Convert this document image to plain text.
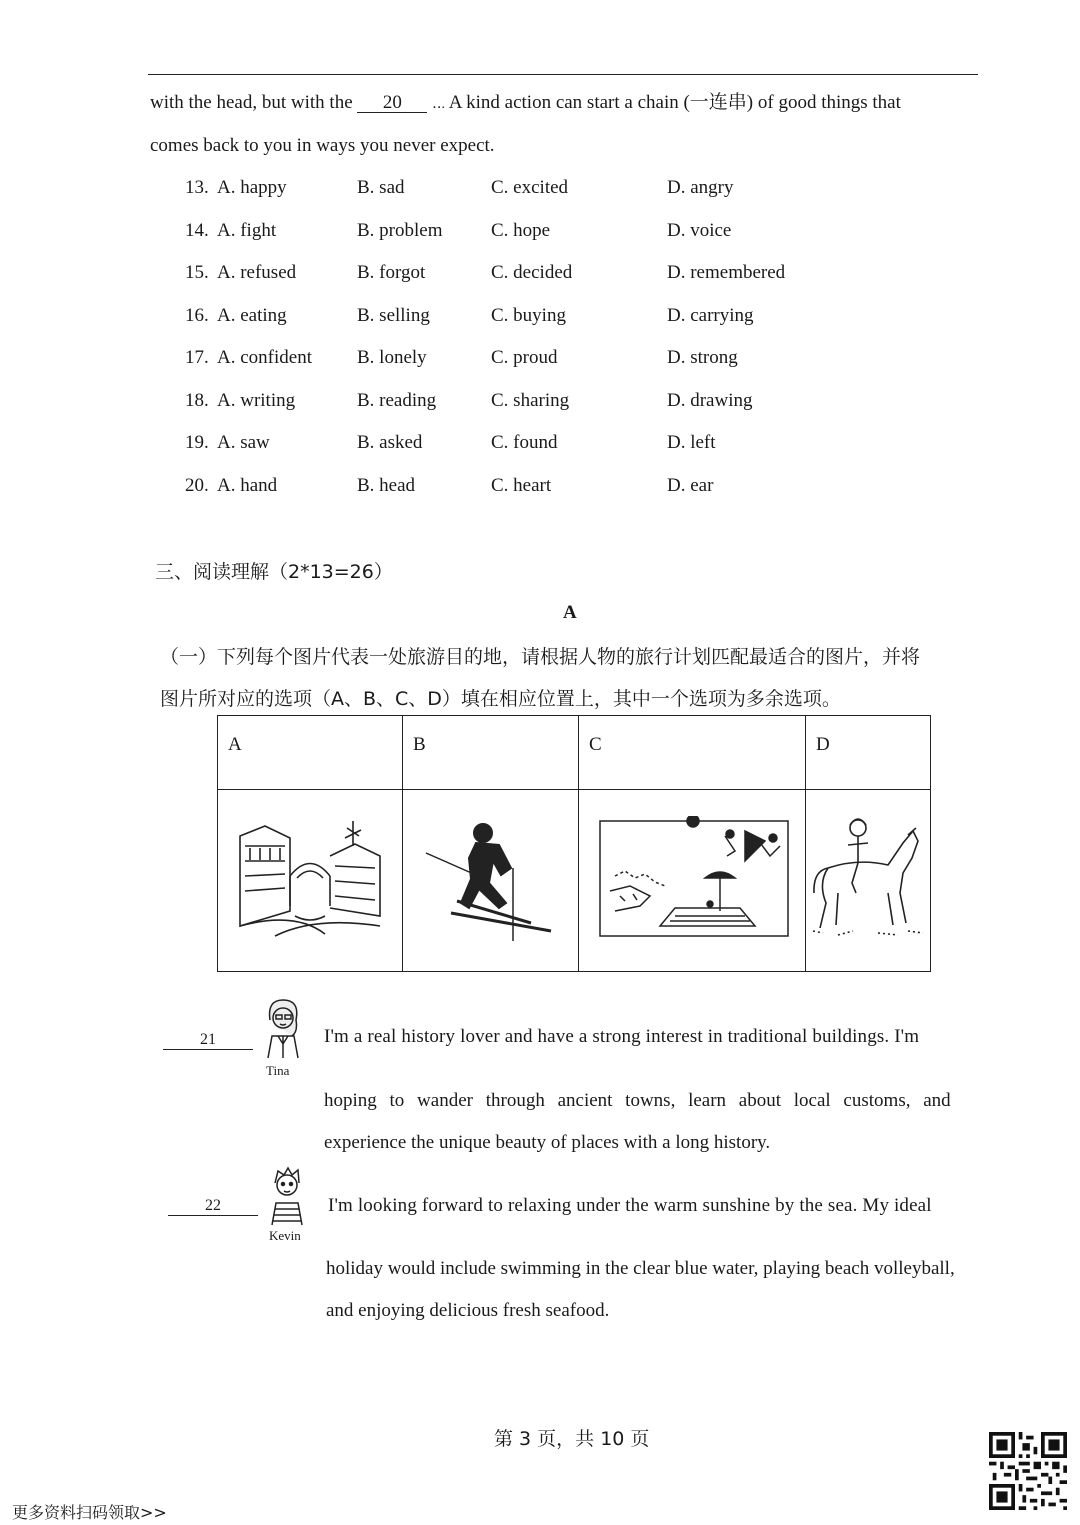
with the head, but with the 20 ‥. A kind action can start a chain (一连串) of good things that
comes back to you in ways you never expect.
13. A. happy	B. sad	C. excited	D. angry
14. A. fight	B. problem	C. hope	D. voice
15. A. refused	B. forgot	C. decided	D. remembered
16. A. eating	B. selling	C. buying	D. carrying
17. A. confident B. lonely	C. proud	D. strong
18. A. writing	B. reading	C. sharing	D. drawing
19. A. saw	B. asked	C. found	D. left
20. A. hand	B. head	C. heart	D. ear
三、阅读理解（2*13=26）
A
（一）下列每个图片代表一处旅游目的地，请根据人物的旅行计划匹配最适合的图片，并将
图片所对应的选项（A、B、C、D）填在相应位置上，其中一个选项为多余选项。
A	B	C	D

21
Tina
I'm a real history lover and have a strong interest in traditional buildings. I'm
hoping to wander through ancient towns, learn about local customs, and
experience the unique beauty of places with a long history.
22
Kevin
I'm looking forward to relaxing under the warm sunshine by the sea. My ideal
holiday would include swimming in the clear blue water, playing beach volleyball,
and enjoying delicious fresh seafood.
第 3 页，共 10 页
更多资料扫码领取>>
